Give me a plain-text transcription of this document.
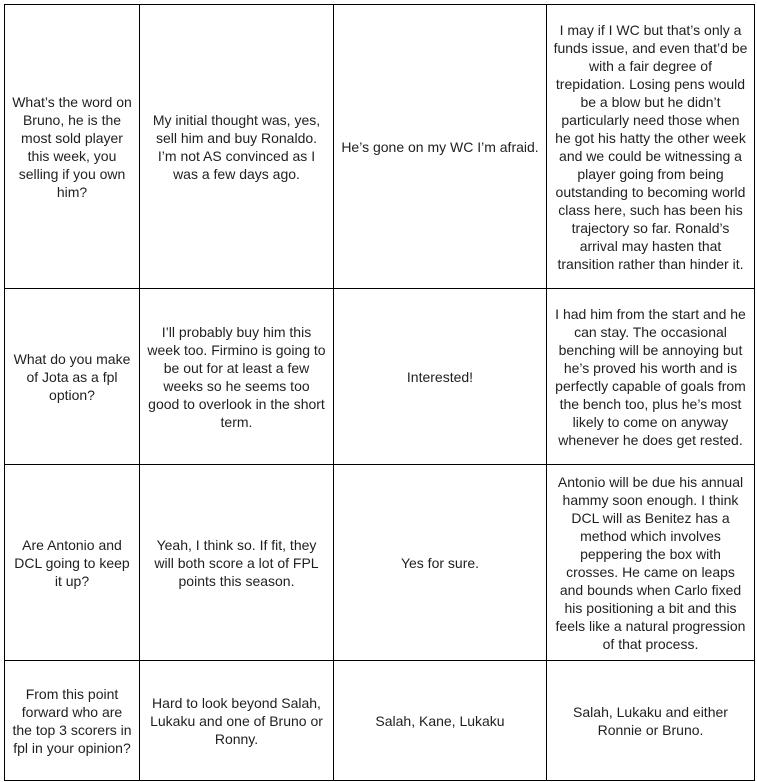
What’s the word on Bruno, he is the most sold player this week, you selling if you own him?	My initial thought was, yes, sell him and buy Ronaldo. I’m not AS convinced as I was a few days ago.	He’s gone on my WC I’m afraid.	I may if I WC but that’s only a funds issue, and even that’d be with a fair degree of trepidation. Losing pens would be a blow but he didn’t particularly need those when he got his hatty the other week and we could be witnessing a player going from being outstanding to becoming world class here, such has been his trajectory so far. Ronald’s arrival may hasten that transition rather than hinder it.
What do you make of Jota as a fpl option?	I’ll probably buy him this week too. Firmino is going to be out for at least a few weeks so he seems too good to overlook in the short term.	Interested!	I had him from the start and he can stay. The occasional benching will be annoying but he’s proved his worth and is perfectly capable of goals from the bench too, plus he’s most likely to come on anyway whenever he does get rested.
Are Antonio and DCL going to keep it up?	Yeah, I think so. If fit, they will both score a lot of FPL points this season.	Yes for sure.	Antonio will be due his annual hammy soon enough. I think DCL will as Benitez has a method which involves peppering the box with crosses. He came on leaps and bounds when Carlo fixed his positioning a bit and this feels like a natural progression of that process.
From this point forward who are the top 3 scorers in fpl in your opinion?	Hard to look beyond Salah, Lukaku and one of Bruno or Ronny.	Salah, Kane, Lukaku	Salah, Lukaku and either Ronnie or Bruno.
